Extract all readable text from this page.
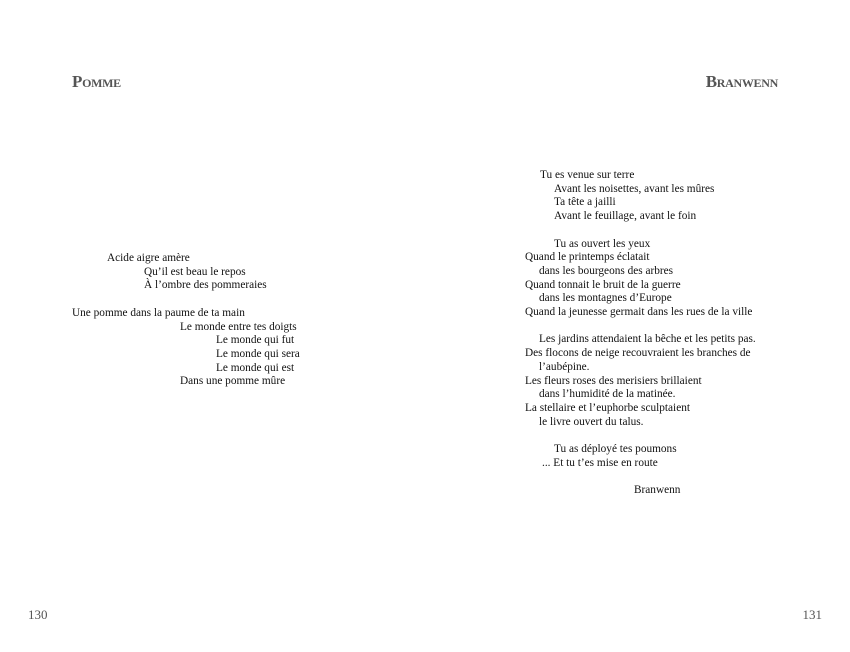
Pomme
Acide aigre amère
Qu’il est beau le repos
À l’ombre des pommeraies
Une pomme dans la paume de ta main
Le monde entre tes doigts
Le monde qui fut
Le monde qui sera
Le monde qui est
Dans une pomme mûre
130
Branwenn
Tu es venue sur terre
Avant les noisettes, avant les mûres
Ta tête a jailli
Avant le feuillage, avant le foin
Tu as ouvert les yeux
Quand le printemps éclatait
dans les bourgeons des arbres
Quand tonnait le bruit de la guerre
dans les montagnes d’Europe
Quand la jeunesse germait dans les rues de la ville
Les jardins attendaient la bêche et les petits pas.
Des flocons de neige recouvraient les branches de
l’aubépine.
Les fleurs roses des merisiers brillaient
dans l’humidité de la matinée.
La stellaire et l’euphorbe sculptaient
le livre ouvert du talus.
Tu as déployé tes poumons
... Et tu t’es mise en route
Branwenn
131
